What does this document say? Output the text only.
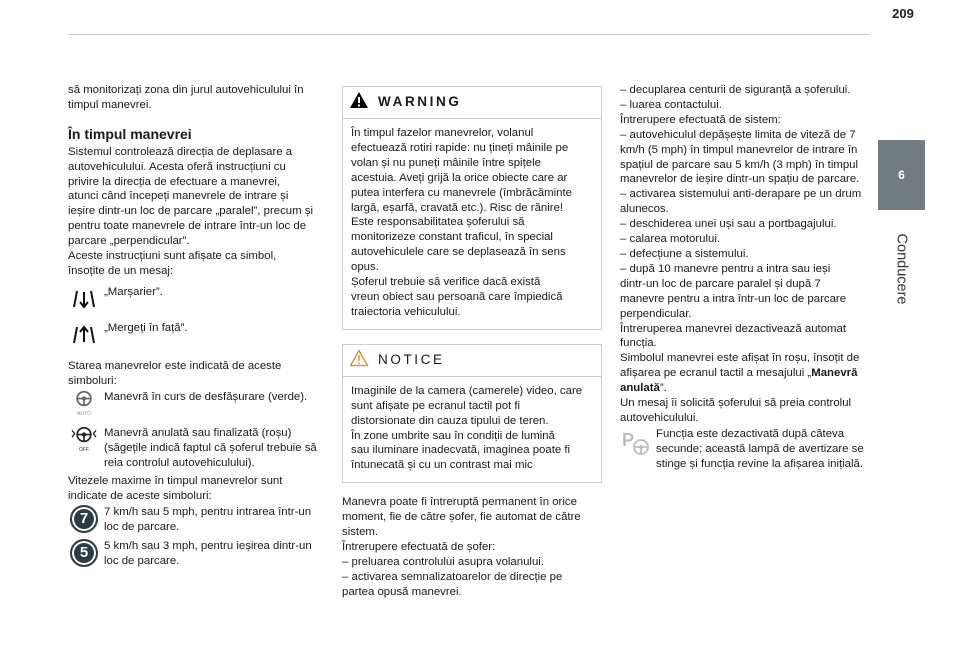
209
6
Conducere
să monitorizați zona din jurul autovehiculului în
timpul manevrei.
În timpul manevrei
Sistemul controlează direcția de deplasare a
autovehiculului. Acesta oferă instrucțiuni cu
privire la direcția de efectuare a manevrei,
atunci când începeți manevrele de intrare și
ieșire dintr-un loc de parcare „paralel”, precum și
pentru toate manevrele de intrare într-un loc de
parcare „perpendicular”.
Aceste instrucțiuni sunt afișate ca simbol,
însoțite de un mesaj:
„Marșarier”.
„Mergeți în față”.
Starea manevrelor este indicată de aceste
simboluri:
AUTO
Manevră în curs de desfășurare (verde).
OFF
Manevră anulată sau finalizată (roșu)
(săgețile indică faptul că șoferul trebuie să
reia controlul autovehiculului).
Vitezele maxime în timpul manevrelor sunt
indicate de aceste simboluri:
7	7 km/h sau 5 mph, pentru intrarea într-un
loc de parcare.
5	5 km/h sau 3 mph, pentru ieșirea dintr-un
loc de parcare.
WARNING
În timpul fazelor manevrelor, volanul
efectuează rotiri rapide: nu țineți mâinile pe
volan și nu puneți mâinile între spițele
acestuia. Aveți grijă la orice obiecte care ar
putea interfera cu manevrele (îmbrăcăminte
largă, eșarfă, cravată etc.). Risc de rănire!
Este responsabilitatea șoferului să
monitorizeze constant traficul, în special
autovehiculele care se deplasează în sens
opus.
Șoferul trebuie să verifice dacă există
vreun obiect sau persoană care împiedică
traiectoria vehiculului.
NOTICE
Imaginile de la camera (camerele) video, care
sunt afișate pe ecranul tactil pot fi
distorsionate din cauza tipului de teren.
În zone umbrite sau în condiții de lumină
sau iluminare inadecvată, imaginea poate fi
întunecată și cu un contrast mai mic
Manevra poate fi întreruptă permanent în orice
moment, fie de către șofer, fie automat de către
sistem.
Întrerupere efectuată de șofer:
– preluarea controlului asupra volanului.
– activarea semnalizatoarelor de direcție pe
partea opusă manevrei.
– decuplarea centurii de siguranță a șoferului.
– luarea contactului.
Întrerupere efectuată de sistem:
– autovehiculul depășește limita de viteză de 7
km/h (5 mph) în timpul manevrelor de intrare în
spațiul de parcare sau 5 km/h (3 mph) în timpul
manevrelor de ieșire dintr-un spațiu de parcare.
– activarea sistemului anti-derapare pe un drum
alunecos.
– deschiderea unei uși sau a portbagajului.
– calarea motorului.
– defecțiune a sistemului.
– după 10 manevre pentru a intra sau ieși
dintr-un loc de parcare paralel și după 7
manevre pentru a intra într-un loc de parcare
perpendicular.
Întreruperea manevrei dezactivează automat
funcția.
Simbolul manevrei este afișat în roșu, însoțit de
afișarea pe ecranul tactil a mesajului „Manevră
anulată”.
Un mesaj îi solicită șoferului să preia controlul
autovehiculului.
P	Funcția este dezactivată după câteva
secunde; această lampă de avertizare se
stinge și funcția revine la afișarea inițială.
